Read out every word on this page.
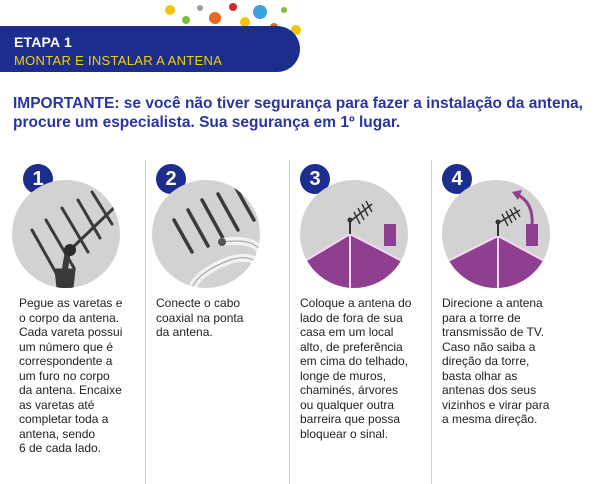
ETAPA 1
MONTAR E INSTALAR A ANTENA
IMPORTANTE: se você não tiver segurança para fazer a instalação da antena, procure um especialista. Sua segurança em 1º lugar.
1
Pegue as varetas e
o corpo da antena.
Cada vareta possui
um número que é
correspondente a
um furo no corpo
da antena. Encaixe
as varetas até
completar toda a
antena, sendo
6 de cada lado.
2
Conecte o cabo
coaxial na ponta
da antena.
3
Coloque a antena do
lado de fora de sua
casa em um local
alto, de preferência
em cima do telhado,
longe de muros,
chaminés, árvores
ou qualquer outra
barreira que possa
bloquear o sinal.
4
Direcione a antena
para a torre de
transmissão de TV.
Caso não saiba a
direção da torre,
basta olhar as
antenas dos seus
vizinhos e virar para
a mesma direção.
